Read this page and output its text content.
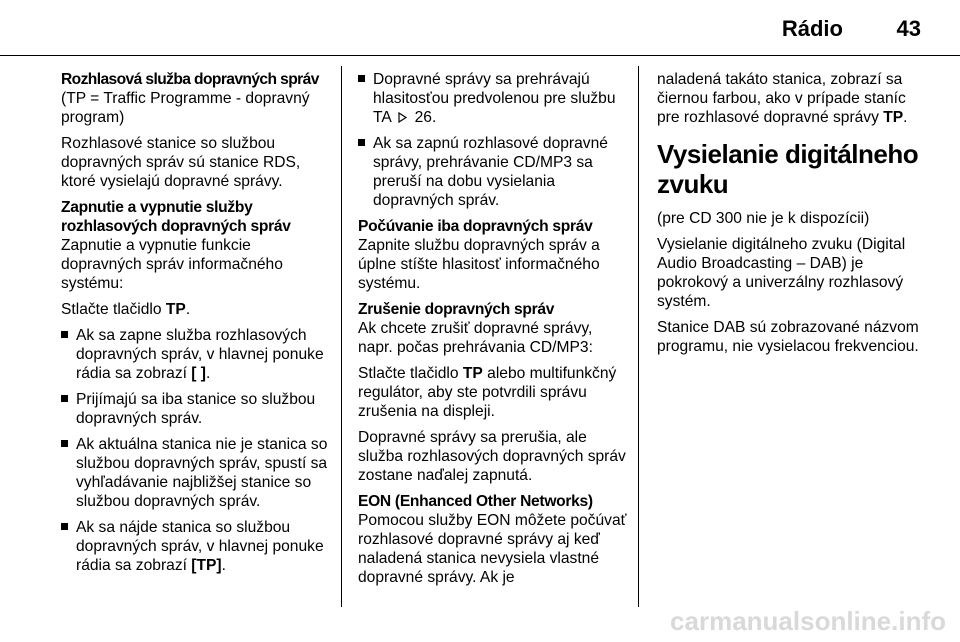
Rádio 43
Rozhlasová služba dopravných správ

(TP = Traffic Programme - dopravný program)

Rozhlasové stanice so službou dopravných správ sú stanice RDS, ktoré vysielajú dopravné správy.

Zapnutie a vypnutie služby rozhlasových dopravných správ

Zapnutie a vypnutie funkcie dopravných správ informačného systému:

Stlačte tlačidlo TP.

Ak sa zapne služba rozhlasových dopravných správ, v hlavnej ponuke rádia sa zobrazí [ ].
Prijímajú sa iba stanice so službou dopravných správ.
Ak aktuálna stanica nie je stanica so službou dopravných správ, spustí sa vyhľadávanie najbližšej stanice so službou dopravných správ.
Ak sa nájde stanica so službou dopravných správ, v hlavnej ponuke rádia sa zobrazí [TP].
Dopravné správy sa prehrávajú hlasitosťou predvolenou pre službu TA  26.
Ak sa zapnú rozhlasové dopravné správy, prehrávanie CD/MP3 sa preruší na dobu vysielania dopravných správ.
Počúvanie iba dopravných správ

Zapnite službu dopravných správ a úplne stíšte hlasitosť informačného systému.

Zrušenie dopravných správ

Ak chcete zrušiť dopravné správy, napr. počas prehrávania CD/MP3:

Stlačte tlačidlo TP alebo multifunkčný regulátor, aby ste potvrdili správu zrušenia na displeji.

Dopravné správy sa prerušia, ale služba rozhlasových dopravných správ zostane naďalej zapnutá.

EON (Enhanced Other Networks)

Pomocou služby EON môžete počúvať rozhlasové dopravné správy aj keď naladená stanica nevysiela vlastné dopravné správy. Ak je

naladená takáto stanica, zobrazí sa čiernou farbou, ako v prípade staníc pre rozhlasové dopravné správy TP.

Vysielanie digitálneho zvuku

(pre CD 300 nie je k dispozícii)

Vysielanie digitálneho zvuku (Digital Audio Broadcasting – DAB) je pokrokový a univerzálny rozhlasový systém.

Stanice DAB sú zobrazované názvom programu, nie vysielacou frekvenciou.

carmanualsonline.info
